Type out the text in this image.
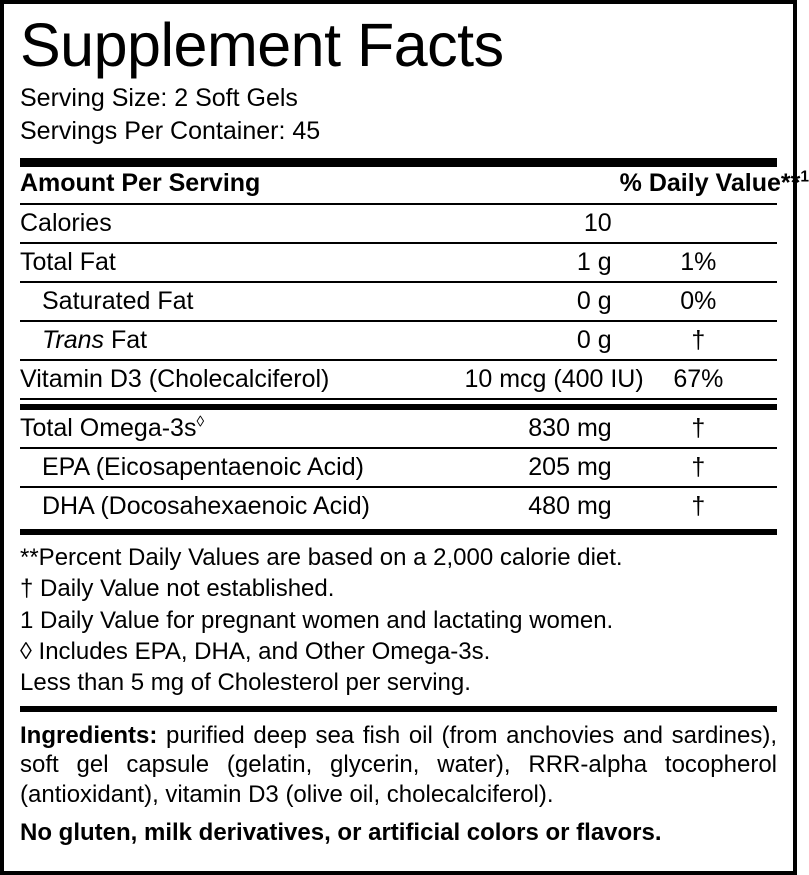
Supplement Facts
Serving Size: 2 Soft Gels
Servings Per Container: 45
Amount Per Serving		% Daily Value**$^1$
Calories	10	
Total Fat	1 g	1%
Saturated Fat	0 g	0%
Trans Fat	0 g	†
Vitamin D3 (Cholecalciferol)	10 mcg (400 IU)	67%
Total Omega-3s◊	830 mg	†
EPA (Eicosapentaenoic Acid)	205 mg	†
DHA (Docosahexaenoic Acid)	480 mg	†
**Percent Daily Values are based on a 2,000 calorie diet.
† Daily Value not established.
1 Daily Value for pregnant women and lactating women.
◊ Includes EPA, DHA, and Other Omega-3s.
Less than 5 mg of Cholesterol per serving.
Ingredients: purified deep sea fish oil (from anchovies and sardines), soft gel capsule (gelatin, glycerin, water), RRR-alpha tocopherol (antioxidant), vitamin D3 (olive oil, cholecalciferol).
No gluten, milk derivatives, or artificial colors or flavors.
